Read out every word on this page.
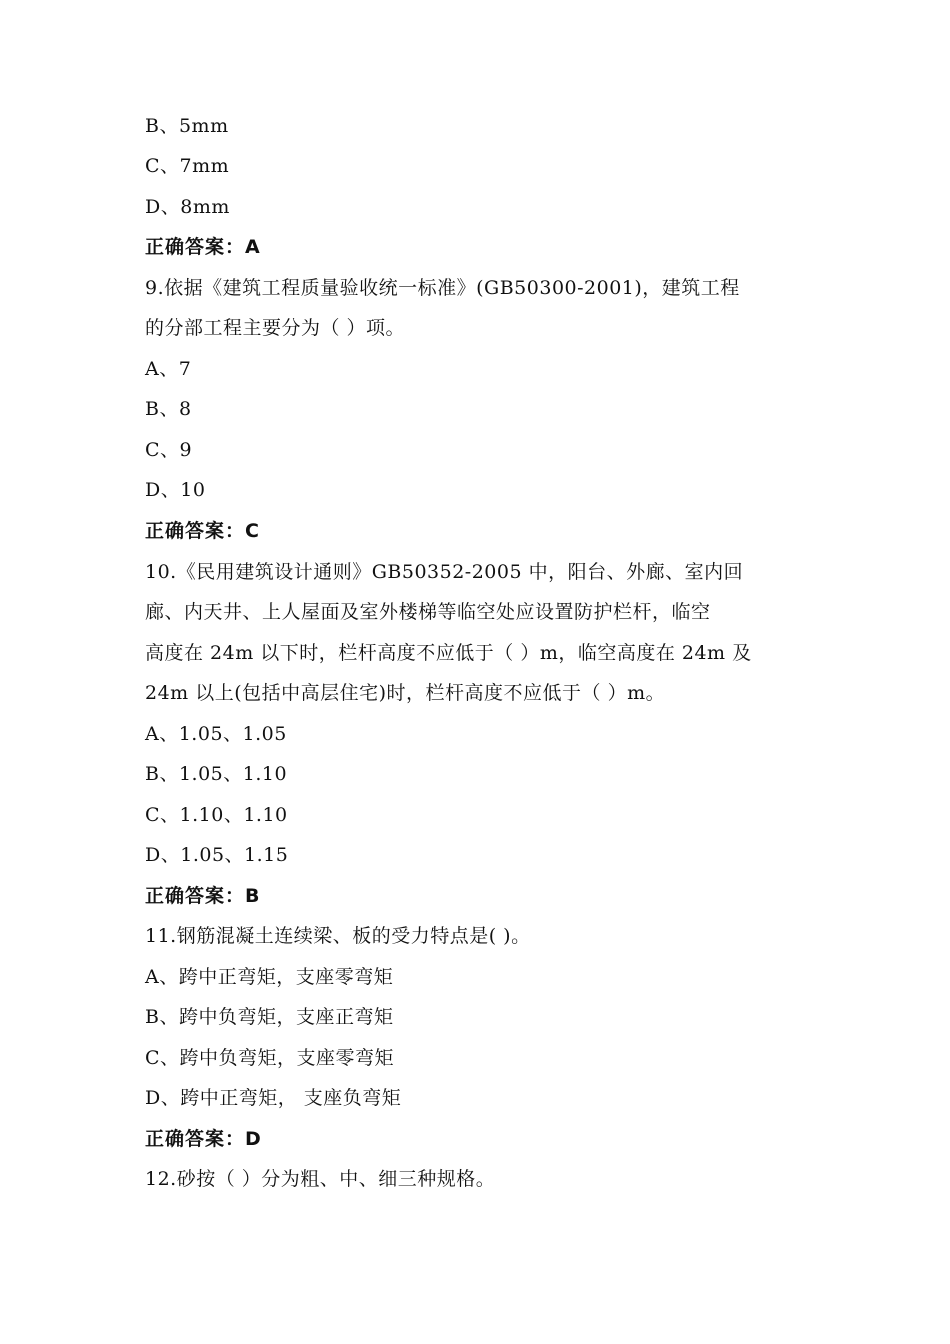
B、5mm
C、7mm
D、8mm
正确答案：A
9.依据《建筑工程质量验收统一标准》(GB50300-2001)，建筑工程
的分部工程主要分为（ ）项。
A、7
B、8
C、9
D、10
正确答案：C
10.《民用建筑设计通则》GB50352-2005 中，阳台、外廊、室内回
廊、内天井、上人屋面及室外楼梯等临空处应设置防护栏杆，临空
高度在 24m 以下时，栏杆高度不应低于（ ）m，临空高度在 24m 及
24m 以上(包括中高层住宅)时，栏杆高度不应低于（ ）m。
A、1.05、1.05
B、1.05、1.10
C、1.10、1.10
D、1.05、1.15
正确答案：B
11.钢筋混凝土连续梁、板的受力特点是( )。
A、跨中正弯矩，支座零弯矩
B、跨中负弯矩，支座正弯矩
C、跨中负弯矩，支座零弯矩
D、跨中正弯矩， 支座负弯矩
正确答案：D
12.砂按（ ）分为粗、中、细三种规格。
